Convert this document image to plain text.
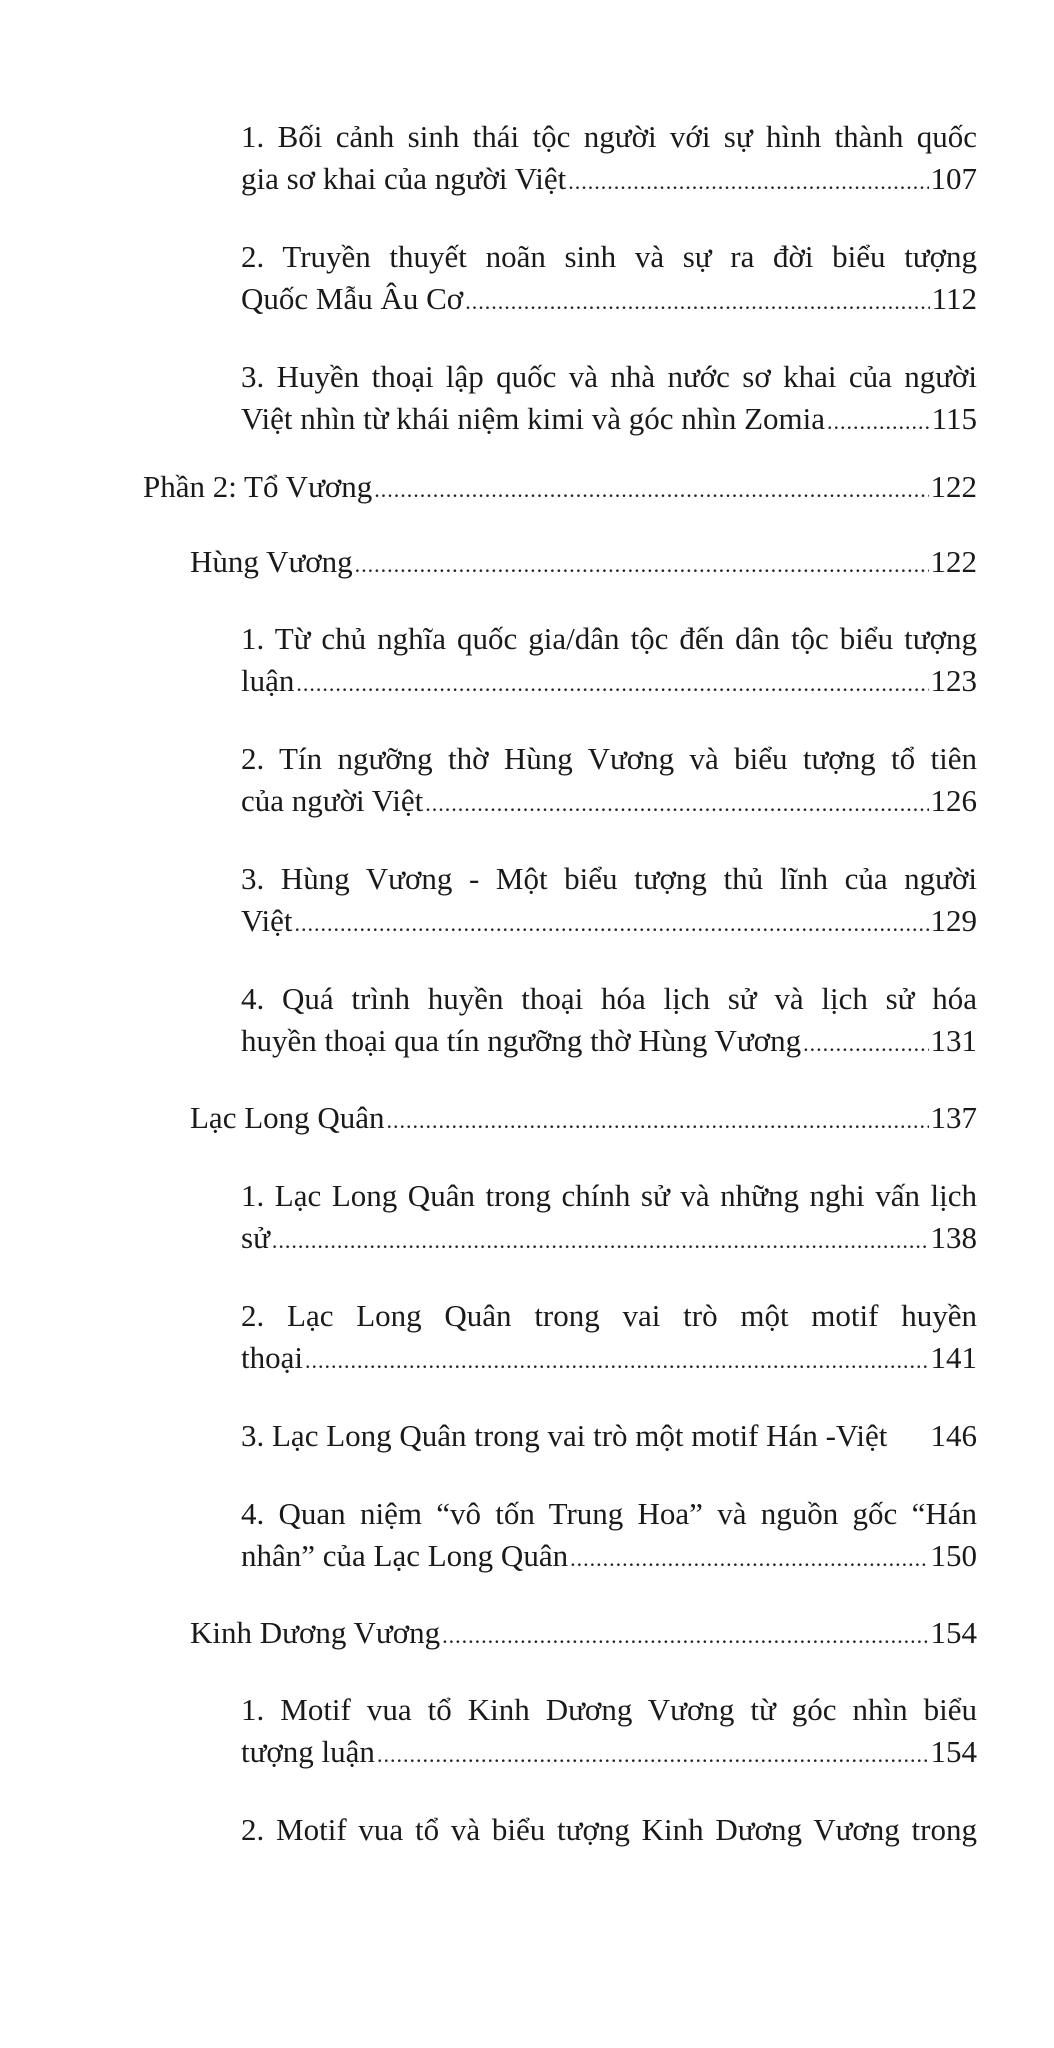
1. Bối cảnh sinh thái tộc người với sự hình thành quốc
gia sơ khai của người Việt .....	107
2. Truyền thuyết noãn sinh và sự ra đời biểu tượng
Quốc Mẫu Âu Cơ .....	112
3. Huyền thoại lập quốc và nhà nước sơ khai của người
Việt nhìn từ khái niệm kimi và góc nhìn Zomia .....	115
Phần 2: Tổ Vương .....	122
Hùng Vương .....	122
1. Từ chủ nghĩa quốc gia/dân tộc đến dân tộc biểu tượng
luận .....	123
2. Tín ngưỡng thờ Hùng Vương và biểu tượng tổ tiên
của người Việt .....	126
3. Hùng Vương - Một biểu tượng thủ lĩnh của người
Việt .....	129
4. Quá trình huyền thoại hóa lịch sử và lịch sử hóa
huyền thoại qua tín ngưỡng thờ Hùng Vương .....	131
Lạc Long Quân .....	137
1. Lạc Long Quân trong chính sử và những nghi vấn lịch
sử .....	138
2. Lạc Long Quân trong vai trò một motif huyền
thoại .....	141
3. Lạc Long Quân trong vai trò một motif Hán -Việt 146
4. Quan niệm “vô tốn Trung Hoa” và nguồn gốc “Hán
nhân” của Lạc Long Quân .....	150
Kinh Dương Vương .....	154
1. Motif vua tổ Kinh Dương Vương từ góc nhìn biểu
tượng luận .....	154
2. Motif vua tổ và biểu tượng Kinh Dương Vương trong
